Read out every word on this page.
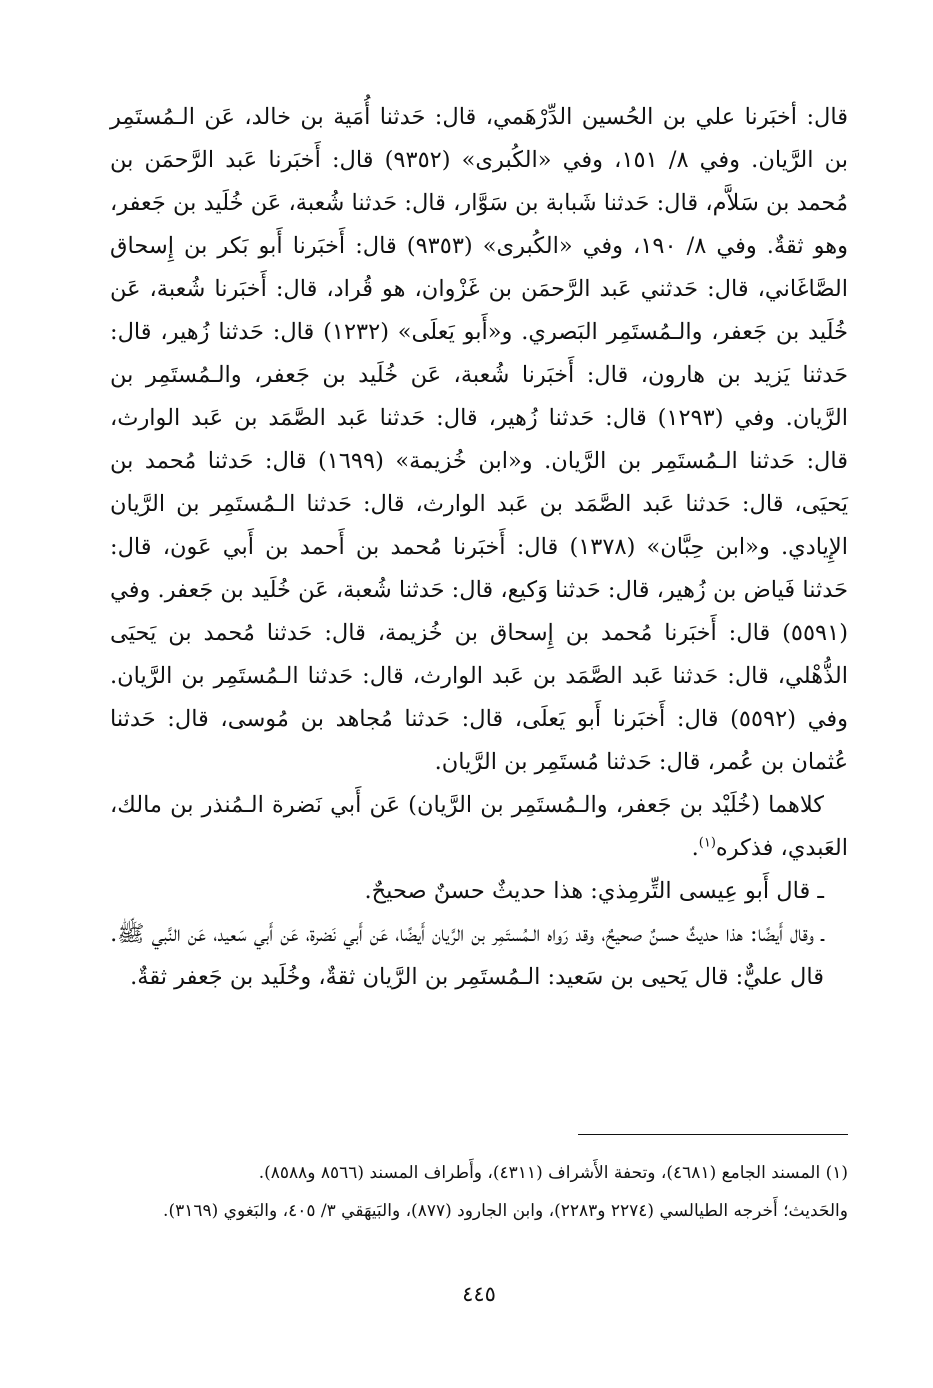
قال: أخبَرنا علي بن الحُسين الدِّرْهَمي، قال: حَدثنا أُمَية بن خالد، عَن الـمُستَمِر بن الرَّيان. وفي ٨/ ١٥١، وفي «الكُبرى» (٩٣٥٢) قال: أَخبَرنا عَبد الرَّحمَن بن مُحمد بن سَلاَّم، قال: حَدثنا شَبابة بن سَوَّار، قال: حَدثنا شُعبة، عَن خُلَيد بن جَعفر، وهو ثقةٌ. وفي ٨/ ١٩٠، وفي «الكُبرى» (٩٣٥٣) قال: أَخبَرنا أَبو بَكر بن إِسحاق الصَّاغَاني، قال: حَدثني عَبد الرَّحمَن بن غَزْوان، هو قُراد، قال: أَخبَرنا شُعبة، عَن خُلَيد بن جَعفر، والـمُستَمِر البَصري. و«أَبو يَعلَى» (١٢٣٢) قال: حَدثنا زُهير، قال: حَدثنا يَزيد بن هارون، قال: أَخبَرنا شُعبة، عَن خُلَيد بن جَعفر، والـمُستَمِر بن الرَّيان. وفي (١٢٩٣) قال: حَدثنا زُهير، قال: حَدثنا عَبد الصَّمَد بن عَبد الوارث، قال: حَدثنا الـمُستَمِر بن الرَّيان. و«ابن خُزيمة» (١٦٩٩) قال: حَدثنا مُحمد بن يَحيَى، قال: حَدثنا عَبد الصَّمَد بن عَبد الوارث، قال: حَدثنا الـمُستَمِر بن الرَّيان الإِيادي. و«ابن حِبَّان» (١٣٧٨) قال: أَخبَرنا مُحمد بن أَحمد بن أَبي عَون، قال: حَدثنا فَياض بن زُهير، قال: حَدثنا وَكيع، قال: حَدثنا شُعبة، عَن خُلَيد بن جَعفر. وفي (٥٥٩١) قال: أَخبَرنا مُحمد بن إِسحاق بن خُزيمة، قال: حَدثنا مُحمد بن يَحيَى الذُّهْلي، قال: حَدثنا عَبد الصَّمَد بن عَبد الوارث، قال: حَدثنا الـمُستَمِر بن الرَّيان. وفي (٥٥٩٢) قال: أَخبَرنا أَبو يَعلَى، قال: حَدثنا مُجاهد بن مُوسى، قال: حَدثنا عُثمان بن عُمر، قال: حَدثنا مُستَمِر بن الرَّيان.

كلاهما (خُلَيْد بن جَعفر، والـمُستَمِر بن الرَّيان) عَن أَبي نَضرة الـمُنذر بن مالك، العَبدي، فذكره$^{(١)}$.

ـ قال أَبو عِيسى التِّرمِذي: هذا حديثٌ حسنٌ صحيحٌ.

ـ وقال أَيضًا: هذا حديثٌ حسنٌ صحيحٌ، وقد رَواه الـمُستَمِر بن الرَّيان أَيضًا، عَن أَبي نَضرة، عَن أَبي سَعيد، عَن النَّبي ﷺ.

قال عليٌّ: قال يَحيى بن سَعيد: الـمُستَمِر بن الرَّيان ثقةٌ، وخُلَيد بن جَعفر ثقةٌ.

(١) المسند الجامع (٤٦٨١)، وتحفة الأَشراف (٤٣١١)، وأَطراف المسند (٨٥٦٦ و٨٥٨٨).

والحَديث؛ أَخرجه الطيالسي (٢٢٧٤ و٢٢٨٣)، وابن الجارود (٨٧٧)، والبَيهَقي ٣/ ٤٠٥، والبَغوي (٣١٦٩).

٤٤٥
